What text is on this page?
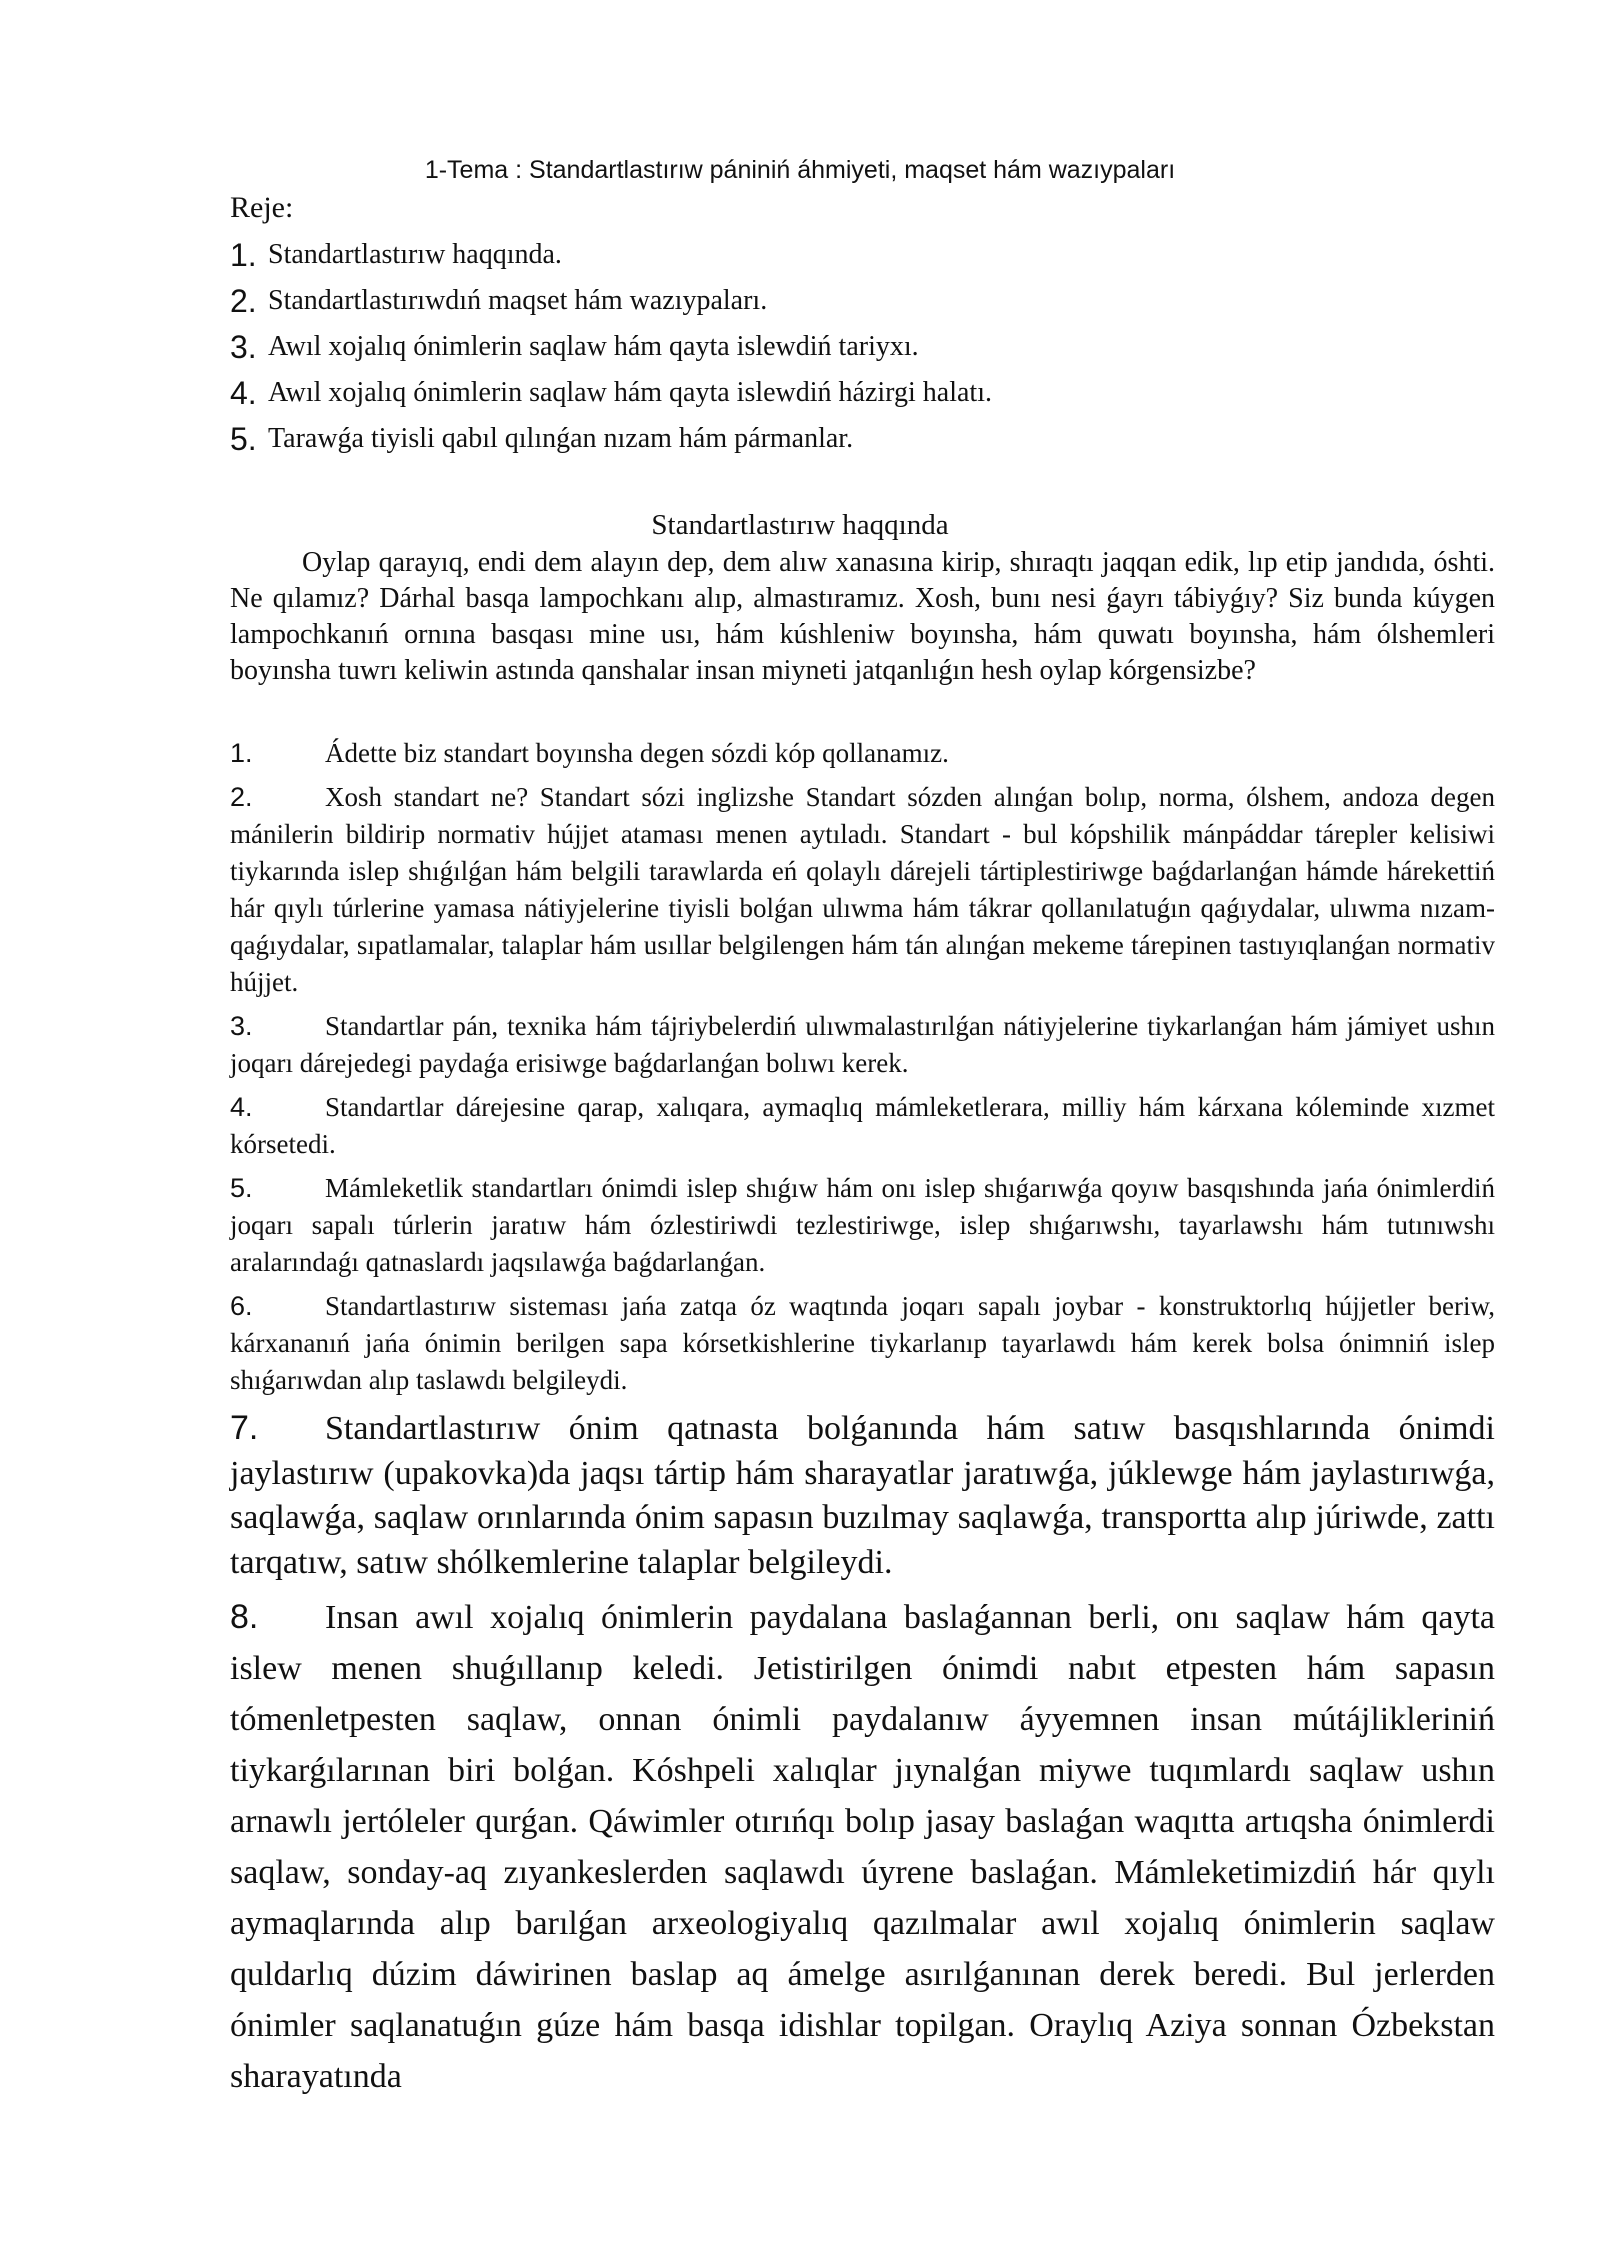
1-Tema : Standartlastırıw pániniń áhmiyeti, maqset hám wazıypaları
Reje:
1. Standartlastırıw haqqında.
2. Standartlastırıwdıń maqset hám wazıypaları.
3. Awıl xojalıq ónimlerin saqlaw hám qayta islewdiń tariyxı.
4. Awıl xojalıq ónimlerin saqlaw hám qayta islewdiń házirgi halatı.
5. Tarawǵa tiyisli qabıl qılınǵan nızam hám pármanlar.
Standartlastırıw haqqında

Oylap qarayıq, endi dem alayın dep, dem alıw xanasına kirip, shıraqtı jaqqan edik, lıp etip jandıda, óshti. Ne qılamız? Dárhal basqa lampochkanı alıp, almastıramız. Xosh, bunı nesi ǵayrı tábiyǵıy? Siz bunda kúygen lampochkanıń ornına basqası mine usı, hám kúshleniw boyınsha, hám quwatı boyınsha, hám ólshemleri boyınsha tuwrı keliwin astında qanshalar insan miyneti jatqanlıǵın hesh oylap kórgensizbe?

1.	Ádette biz standart boyınsha degen sózdi kóp qollanamız.

2.	Xosh standart ne? Standart sózi inglizshe Standart sózden alınǵan bolıp, norma, ólshem, andoza degen mánilerin bildirip normativ hújjet ataması menen aytıladı. Standart - bul kópshilik mánpáddar tárepler kelisiwi tiykarında islep shıǵılǵan hám belgili tarawlarda eń qolaylı dárejeli tártiplestiriwge baǵdarlanǵan hámde hárekettiń hár qıylı túrlerine yamasa nátiyjelerine tiyisli bolǵan ulıwma hám tákrar qollanılatuǵın qaǵıydalar, ulıwma nızam-qaǵıydalar, sıpatlamalar, talaplar hám usıllar belgilengen hám tán alınǵan mekeme tárepinen tastıyıqlanǵan normativ hújjet.

3.	Standartlar pán, texnika hám tájriybelerdiń ulıwmalastırılǵan nátiyjelerine tiykarlanǵan hám jámiyet ushın joqarı dárejedegi paydaǵa erisiwge baǵdarlanǵan bolıwı kerek.

4.	Standartlar dárejesine qarap, xalıqara, aymaqlıq mámleketlerara, milliy hám kárxana kóleminde xızmet kórsetedi.

5.	Mámleketlik standartları ónimdi islep shıǵıw hám onı islep shıǵarıwǵa qoyıw basqıshında jańa ónimlerdiń joqarı sapalı túrlerin jaratıw hám ózlestiriwdi tezlestiriwge, islep shıǵarıwshı, tayarlawshı hám tutınıwshı aralarındaǵı qatnaslardı jaqsılawǵa baǵdarlanǵan.

6.	Standartlastırıw sisteması jańa zatqa óz waqtında joqarı sapalı joybar - konstruktorlıq hújjetler beriw, kárxananıń jańa ónimin berilgen sapa kórsetkishlerine tiykarlanıp tayarlawdı hám kerek bolsa ónimniń islep shıǵarıwdan alıp taslawdı belgileydi.

7. Standartlastırıw ónim qatnasta bolǵanında hám satıw basqıshlarında ónimdi jaylastırıw (upakovka)da jaqsı tártip hám sharayatlar jaratıwǵa, júklewge hám jaylastırıwǵa, saqlawǵa, saqlaw orınlarında ónim sapasın buzılmay saqlawǵa, transportta alıp júriwde, zattı tarqatıw, satıw shólkemlerine talaplar belgileydi.

8. Insan awıl xojalıq ónimlerin paydalana baslaǵannan berli, onı saqlaw hám qayta islew menen shuǵıllanıp keledi. Jetistirilgen ónimdi nabıt etpesten hám sapasın tómenletpesten saqlaw, onnan ónimli paydalanıw áyyemnen insan mútájlikleriniń tiykarǵılarınan biri bolǵan. Kóshpeli xalıqlar jıynalǵan miywe tuqımlardı saqlaw ushın arnawlı jertóleler qurǵan. Qáwimler otırıńqı bolıp jasay baslaǵan waqıtta artıqsha ónimlerdi saqlaw, sonday-aq zıyankeslerden saqlawdı úyrene baslaǵan. Mámleketimizdiń hár qıylı aymaqlarında alıp barılǵan arxeologiyalıq qazılmalar awıl xojalıq ónimlerin saqlaw quldarlıq dúzim dáwirinen baslap aq ámelge asırılǵanınan derek beredi. Bul jerlerden ónimler saqlanatuǵın gúze hám basqa idishlar topilgan. Oraylıq Aziya sonnan Ózbekstan sharayatında
